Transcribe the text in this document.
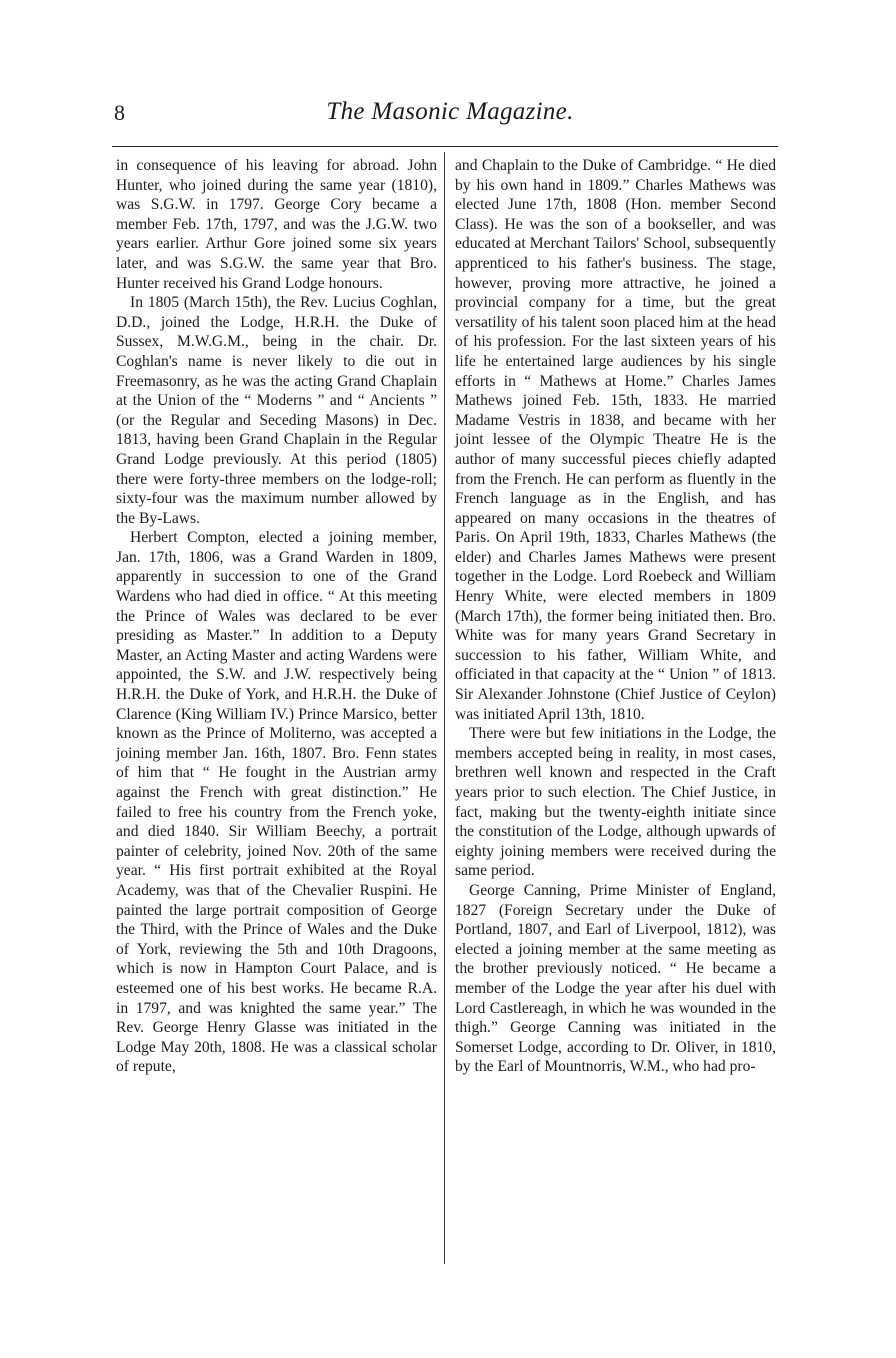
8	The Masonic Magazine.

in consequence of his leaving for abroad. John Hunter, who joined during the same year (1810), was S.G.W. in 1797. George Cory became a member Feb. 17th, 1797, and was the J.G.W. two years earlier. Arthur Gore joined some six years later, and was S.G.W. the same year that Bro. Hunter received his Grand Lodge honours.

In 1805 (March 15th), the Rev. Lucius Coghlan, D.D., joined the Lodge, H.R.H. the Duke of Sussex, M.W.G.M., being in the chair. Dr. Coghlan's name is never likely to die out in Freemasonry, as he was the acting Grand Chaplain at the Union of the “ Moderns ” and “ Ancients ” (or the Regular and Seceding Masons) in Dec. 1813, having been Grand Chaplain in the Regular Grand Lodge previously. At this period (1805) there were forty-three members on the lodge-roll; sixty-four was the maximum number allowed by the By-Laws.

Herbert Compton, elected a joining member, Jan. 17th, 1806, was a Grand Warden in 1809, apparently in succession to one of the Grand Wardens who had died in office. “ At this meeting the Prince of Wales was declared to be ever presiding as Master.” In addition to a Deputy Master, an Acting Master and acting Wardens were appointed, the S.W. and J.W. respectively being H.R.H. the Duke of York, and H.R.H. the Duke of Clarence (King William IV.) Prince Marsico, better known as the Prince of Moliterno, was accepted a joining member Jan. 16th, 1807. Bro. Fenn states of him that “ He fought in the Austrian army against the French with great distinction.” He failed to free his country from the French yoke, and died 1840. Sir William Beechy, a portrait painter of celebrity, joined Nov. 20th of the same year. “ His first portrait exhibited at the Royal Academy, was that of the Chevalier Ruspini. He painted the large portrait composition of George the Third, with the Prince of Wales and the Duke of York, reviewing the 5th and 10th Dragoons, which is now in Hampton Court Palace, and is esteemed one of his best works. He became R.A. in 1797, and was knighted the same year.” The Rev. George Henry Glasse was initiated in the Lodge May 20th, 1808. He was a classical scholar of repute,

and Chaplain to the Duke of Cambridge. “ He died by his own hand in 1809.” Charles Mathews was elected June 17th, 1808 (Hon. member Second Class). He was the son of a bookseller, and was educated at Merchant Tailors' School, subsequently apprenticed to his father's business. The stage, however, proving more attractive, he joined a provincial company for a time, but the great versatility of his talent soon placed him at the head of his profession. For the last sixteen years of his life he entertained large audiences by his single efforts in “ Mathews at Home.” Charles James Mathews joined Feb. 15th, 1833. He married Madame Vestris in 1838, and became with her joint lessee of the Olympic Theatre He is the author of many successful pieces chiefly adapted from the French. He can perform as fluently in the French language as in the English, and has appeared on many occasions in the theatres of Paris. On April 19th, 1833, Charles Mathews (the elder) and Charles James Mathews were present together in the Lodge. Lord Roebeck and William Henry White, were elected members in 1809 (March 17th), the former being initiated then. Bro. White was for many years Grand Secretary in succession to his father, William White, and officiated in that capacity at the “ Union ” of 1813. Sir Alexander Johnstone (Chief Justice of Ceylon) was initiated April 13th, 1810.

There were but few initiations in the Lodge, the members accepted being in reality, in most cases, brethren well known and respected in the Craft years prior to such election. The Chief Justice, in fact, making but the twenty-eighth initiate since the constitution of the Lodge, although upwards of eighty joining members were received during the same period.

George Canning, Prime Minister of England, 1827 (Foreign Secretary under the Duke of Portland, 1807, and Earl of Liverpool, 1812), was elected a joining member at the same meeting as the brother previously noticed. “ He became a member of the Lodge the year after his duel with Lord Castlereagh, in which he was wounded in the thigh.” George Canning was initiated in the Somerset Lodge, according to Dr. Oliver, in 1810, by the Earl of Mountnorris, W.M., who had pro-
